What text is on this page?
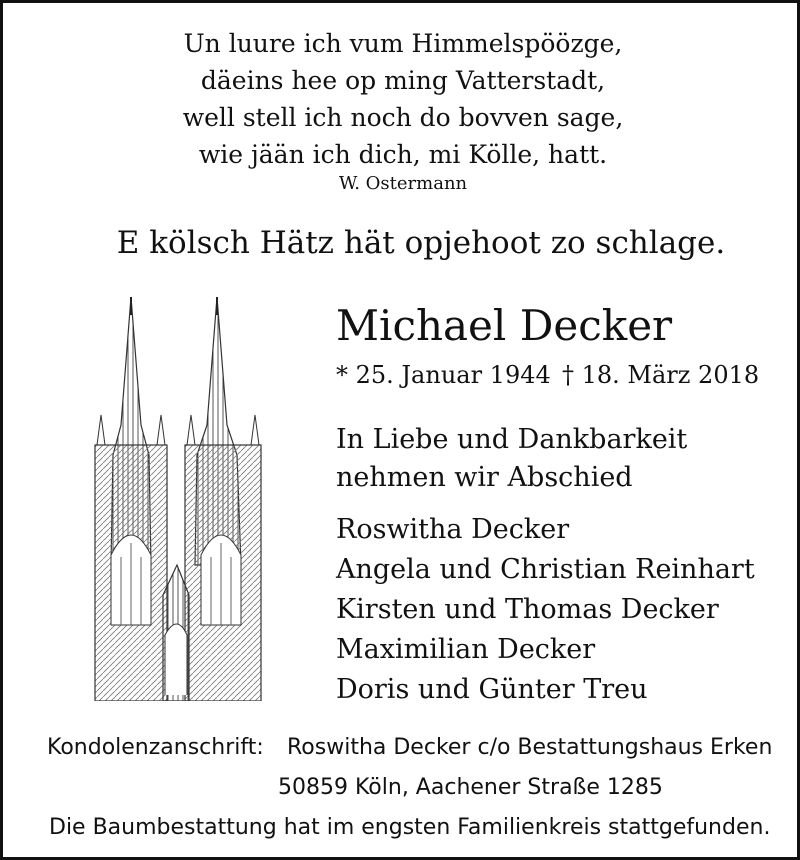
Un luure ich vum Himmelspöözge,
däeins hee op ming Vatterstadt,
well stell ich noch do bovven sage,
wie jään ich dich, mi Kölle, hatt.
W. Ostermann
E kölsch Hätz hät opjehoot zo schlage.
Michael Decker
* 25. Januar 1944 † 18. März 2018
In Liebe und Dankbarkeit
nehmen wir Abschied
Roswitha Decker
Angela und Christian Reinhart
Kirsten und Thomas Decker
Maximilian Decker
Doris und Günter Treu
Kondolenzanschrift: Roswitha Decker c/o Bestattungshaus Erken
50859 Köln, Aachener Straße 1285
Die Baumbestattung hat im engsten Familienkreis stattgefunden.
